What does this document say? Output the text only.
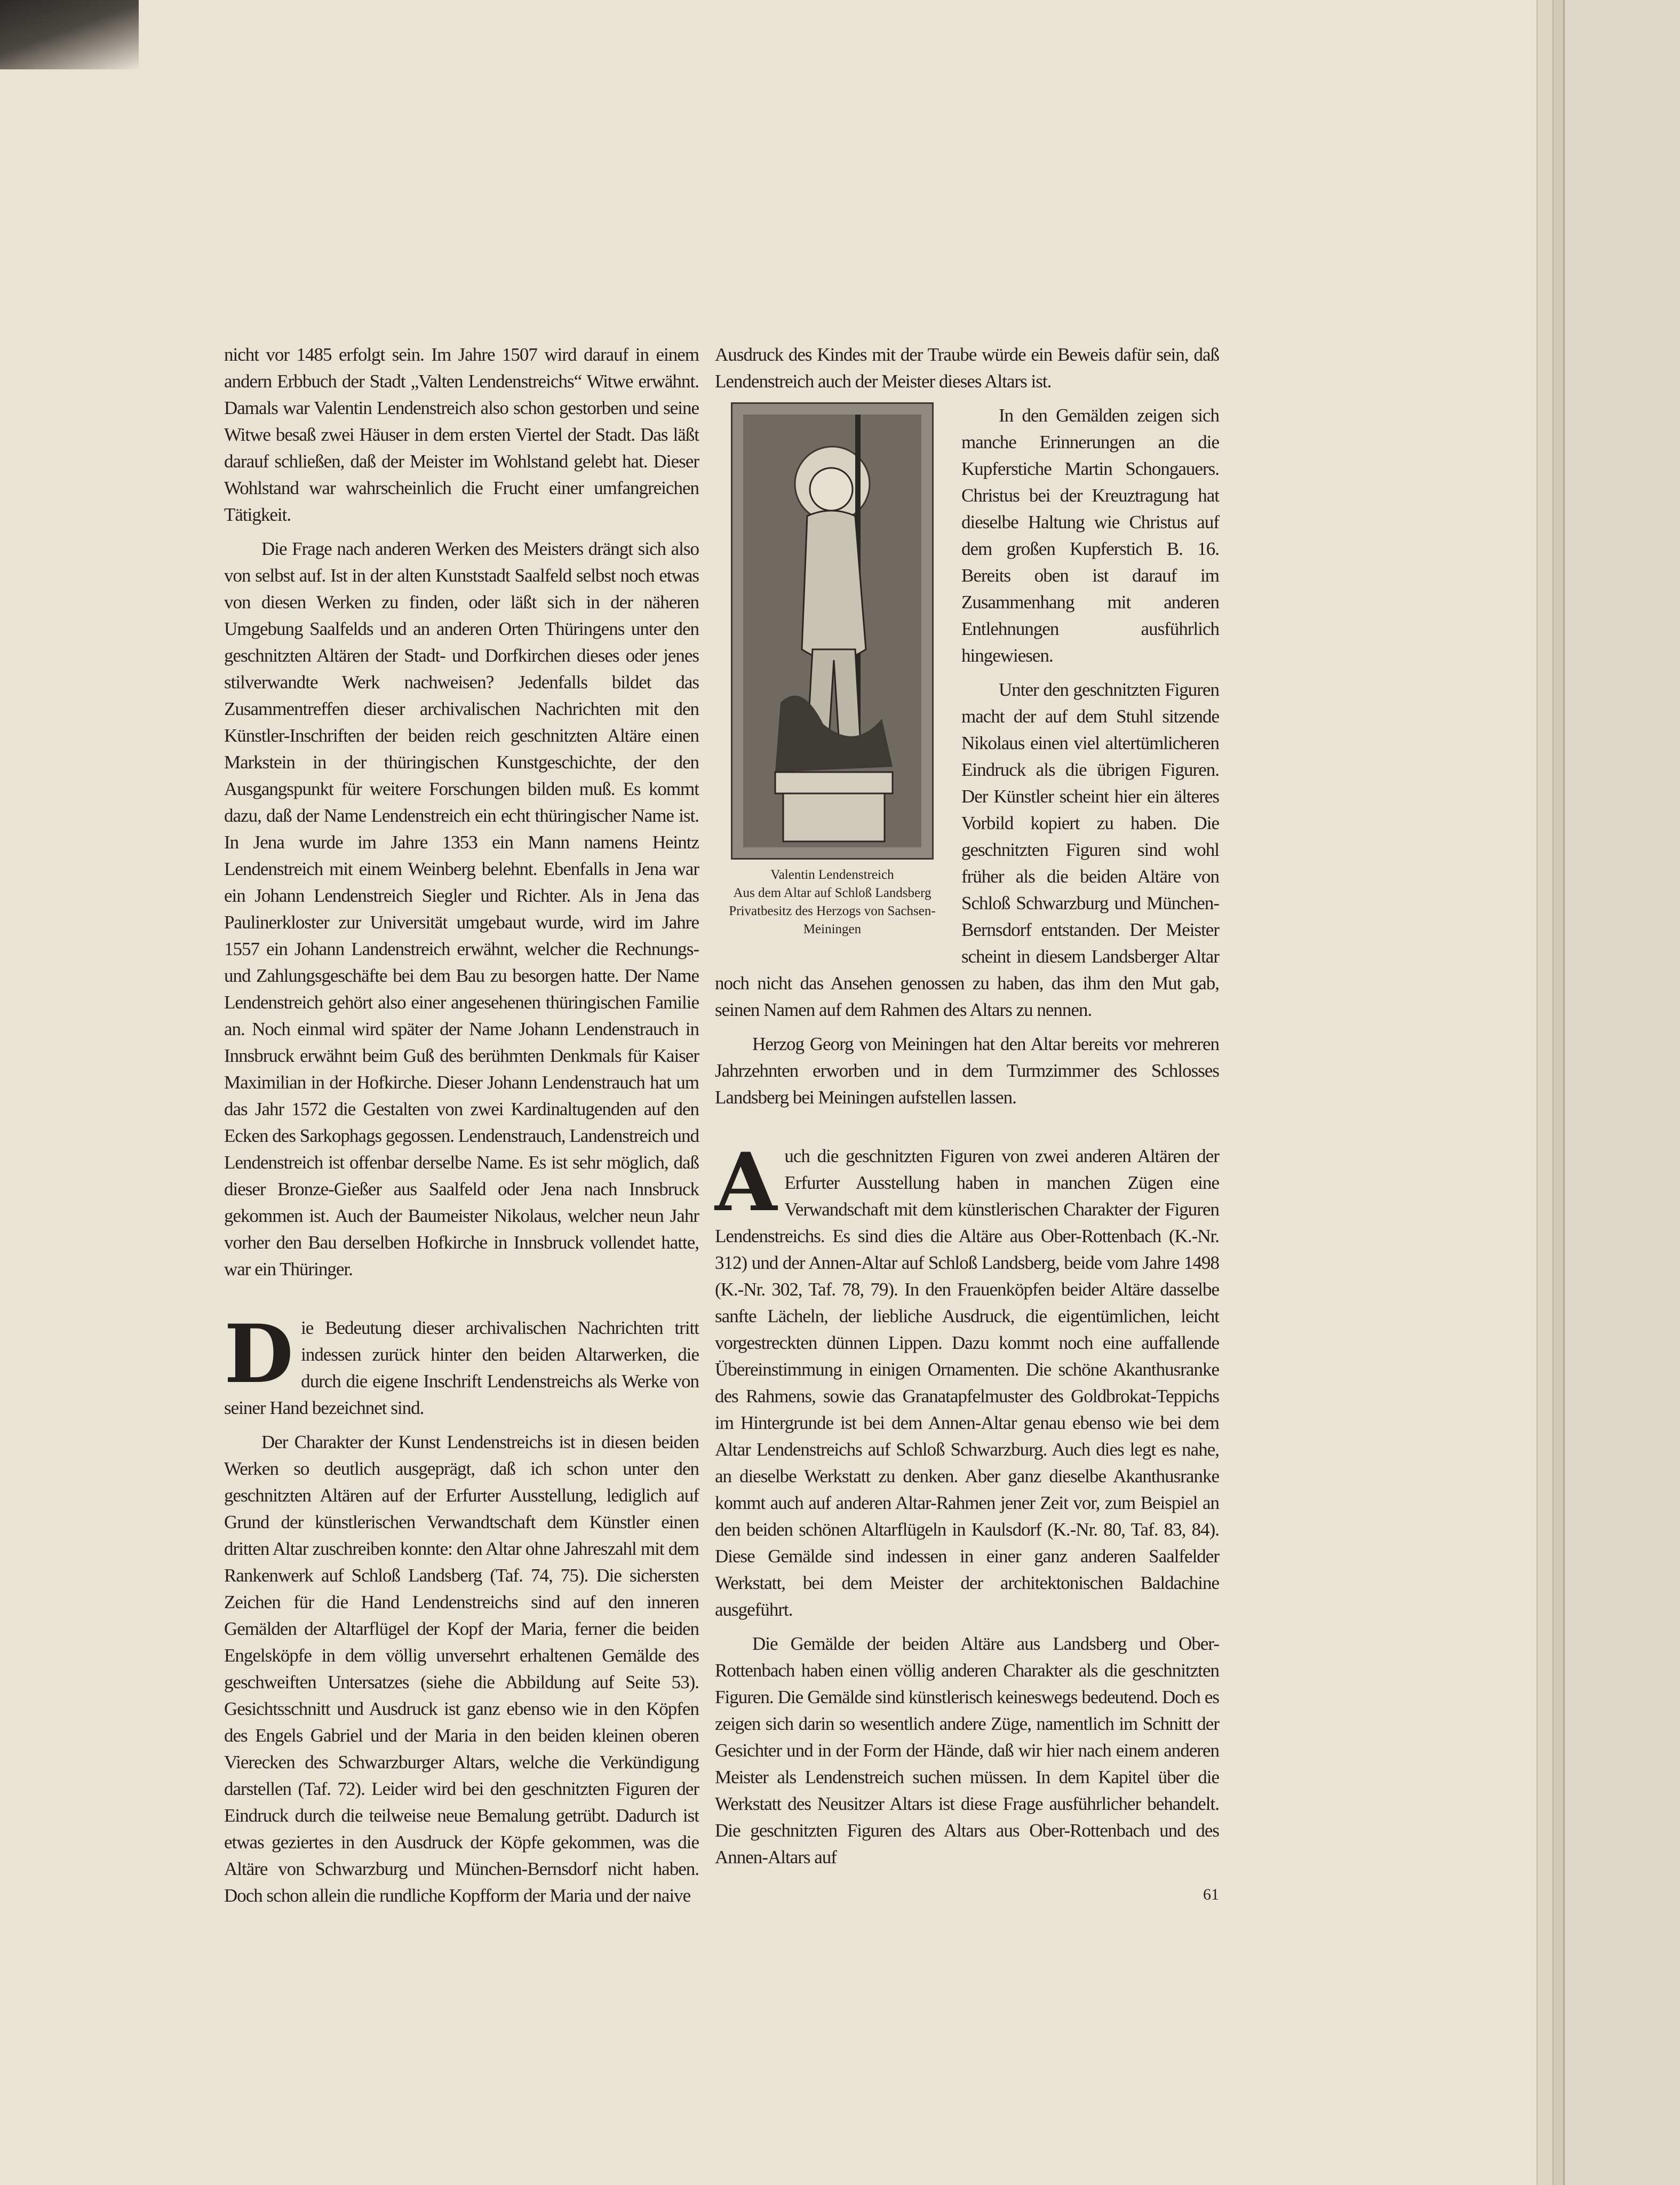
nicht vor 1485 erfolgt sein. Im Jahre 1507 wird darauf in einem andern Erbbuch der Stadt „Valten Lendenstreichs“ Witwe erwähnt. Damals war Valentin Lendenstreich also schon gestorben und seine Witwe besaß zwei Häuser in dem ersten Viertel der Stadt. Das läßt darauf schließen, daß der Meister im Wohlstand gelebt hat. Dieser Wohlstand war wahrscheinlich die Frucht einer umfangreichen Tätigkeit.

Die Frage nach anderen Werken des Meisters drängt sich also von selbst auf. Ist in der alten Kunststadt Saalfeld selbst noch etwas von diesen Werken zu finden, oder läßt sich in der näheren Umgebung Saalfelds und an anderen Orten Thüringens unter den geschnitzten Altären der Stadt- und Dorfkirchen dieses oder jenes stilverwandte Werk nachweisen? Jedenfalls bildet das Zusammentreffen dieser archivalischen Nachrichten mit den Künstler-Inschriften der beiden reich geschnitzten Altäre einen Markstein in der thüringischen Kunstgeschichte, der den Ausgangspunkt für weitere Forschungen bilden muß. Es kommt dazu, daß der Name Lendenstreich ein echt thüringischer Name ist. In Jena wurde im Jahre 1353 ein Mann namens Heintz Lendenstreich mit einem Weinberg belehnt. Ebenfalls in Jena war ein Johann Lendenstreich Siegler und Richter. Als in Jena das Paulinerkloster zur Universität umgebaut wurde, wird im Jahre 1557 ein Johann Landenstreich erwähnt, welcher die Rechnungs- und Zahlungsgeschäfte bei dem Bau zu besorgen hatte. Der Name Lendenstreich gehört also einer angesehenen thüringischen Familie an. Noch einmal wird später der Name Johann Lendenstrauch in Innsbruck erwähnt beim Guß des berühmten Denkmals für Kaiser Maximilian in der Hofkirche. Dieser Johann Lendenstrauch hat um das Jahr 1572 die Gestalten von zwei Kardinaltugenden auf den Ecken des Sarkophags gegossen. Lendenstrauch, Landenstreich und Lendenstreich ist offenbar derselbe Name. Es ist sehr möglich, daß dieser Bronze-Gießer aus Saalfeld oder Jena nach Innsbruck gekommen ist. Auch der Baumeister Nikolaus, welcher neun Jahr vorher den Bau derselben Hofkirche in Innsbruck vollendet hatte, war ein Thüringer.

Die Bedeutung dieser archivalischen Nachrichten tritt indessen zurück hinter den beiden Altarwerken, die durch die eigene Inschrift Lendenstreichs als Werke von seiner Hand bezeichnet sind.

Der Charakter der Kunst Lendenstreichs ist in diesen beiden Werken so deutlich ausgeprägt, daß ich schon unter den geschnitzten Altären auf der Erfurter Ausstellung, lediglich auf Grund der künstlerischen Verwandtschaft dem Künstler einen dritten Altar zuschreiben konnte: den Altar ohne Jahreszahl mit dem Rankenwerk auf Schloß Landsberg (Taf. 74, 75). Die sichersten Zeichen für die Hand Lendenstreichs sind auf den inneren Gemälden der Altarflügel der Kopf der Maria, ferner die beiden Engelsköpfe in dem völlig unversehrt erhaltenen Gemälde des geschweiften Untersatzes (siehe die Abbildung auf Seite 53). Gesichtsschnitt und Ausdruck ist ganz ebenso wie in den Köpfen des Engels Gabriel und der Maria in den beiden kleinen oberen Vierecken des Schwarzburger Altars, welche die Verkündigung darstellen (Taf. 72). Leider wird bei den geschnitzten Figuren der Eindruck durch die teilweise neue Bemalung getrübt. Dadurch ist etwas geziertes in den Ausdruck der Köpfe gekommen, was die Altäre von Schwarzburg und München-Bernsdorf nicht haben. Doch schon allein die rundliche Kopfform der Maria und der naive

Ausdruck des Kindes mit der Traube würde ein Beweis dafür sein, daß Lendenstreich auch der Meister dieses Altars ist.

Valentin Lendenstreich
Aus dem Altar auf Schloß Landsberg
Privatbesitz des Herzogs von Sachsen-
Meiningen

In den Gemälden zeigen sich manche Erinnerungen an die Kupferstiche Martin Schongauers. Christus bei der Kreuztragung hat dieselbe Haltung wie Christus auf dem großen Kupferstich B. 16. Bereits oben ist darauf im Zusammenhang mit anderen Entlehnungen ausführlich hingewiesen.

Unter den geschnitzten Figuren macht der auf dem Stuhl sitzende Nikolaus einen viel altertümlicheren Eindruck als die übrigen Figuren. Der Künstler scheint hier ein älteres Vorbild kopiert zu haben. Die geschnitzten Figuren sind wohl früher als die beiden Altäre von Schloß Schwarzburg und München-Bernsdorf entstanden. Der Meister scheint in diesem Landsberger Altar noch nicht das Ansehen genossen zu haben, das ihm den Mut gab, seinen Namen auf dem Rahmen des Altars zu nennen.

Herzog Georg von Meiningen hat den Altar bereits vor mehreren Jahrzehnten erworben und in dem Turmzimmer des Schlosses Landsberg bei Meiningen aufstellen lassen.

Auch die geschnitzten Figuren von zwei anderen Altären der Erfurter Ausstellung haben in manchen Zügen eine Verwandschaft mit dem künstlerischen Charakter der Figuren Lendenstreichs. Es sind dies die Altäre aus Ober-Rottenbach (K.-Nr. 312) und der Annen-Altar auf Schloß Landsberg, beide vom Jahre 1498 (K.-Nr. 302, Taf. 78, 79). In den Frauenköpfen beider Altäre dasselbe sanfte Lächeln, der liebliche Ausdruck, die eigentümlichen, leicht vorgestreckten dünnen Lippen. Dazu kommt noch eine auffallende Übereinstimmung in einigen Ornamenten. Die schöne Akanthusranke des Rahmens, sowie das Granatapfelmuster des Goldbrokat-Teppichs im Hintergrunde ist bei dem Annen-Altar genau ebenso wie bei dem Altar Lendenstreichs auf Schloß Schwarzburg. Auch dies legt es nahe, an dieselbe Werkstatt zu denken. Aber ganz dieselbe Akanthusranke kommt auch auf anderen Altar-Rahmen jener Zeit vor, zum Beispiel an den beiden schönen Altarflügeln in Kaulsdorf (K.-Nr. 80, Taf. 83, 84). Diese Gemälde sind indessen in einer ganz anderen Saalfelder Werkstatt, bei dem Meister der architektonischen Baldachine ausgeführt.

Die Gemälde der beiden Altäre aus Landsberg und Ober-Rottenbach haben einen völlig anderen Charakter als die geschnitzten Figuren. Die Gemälde sind künstlerisch keineswegs bedeutend. Doch es zeigen sich darin so wesentlich andere Züge, namentlich im Schnitt der Gesichter und in der Form der Hände, daß wir hier nach einem anderen Meister als Lendenstreich suchen müssen. In dem Kapitel über die Werkstatt des Neusitzer Altars ist diese Frage ausführlicher behandelt. Die geschnitzten Figuren des Altars aus Ober-Rottenbach und des Annen-Altars auf

61
